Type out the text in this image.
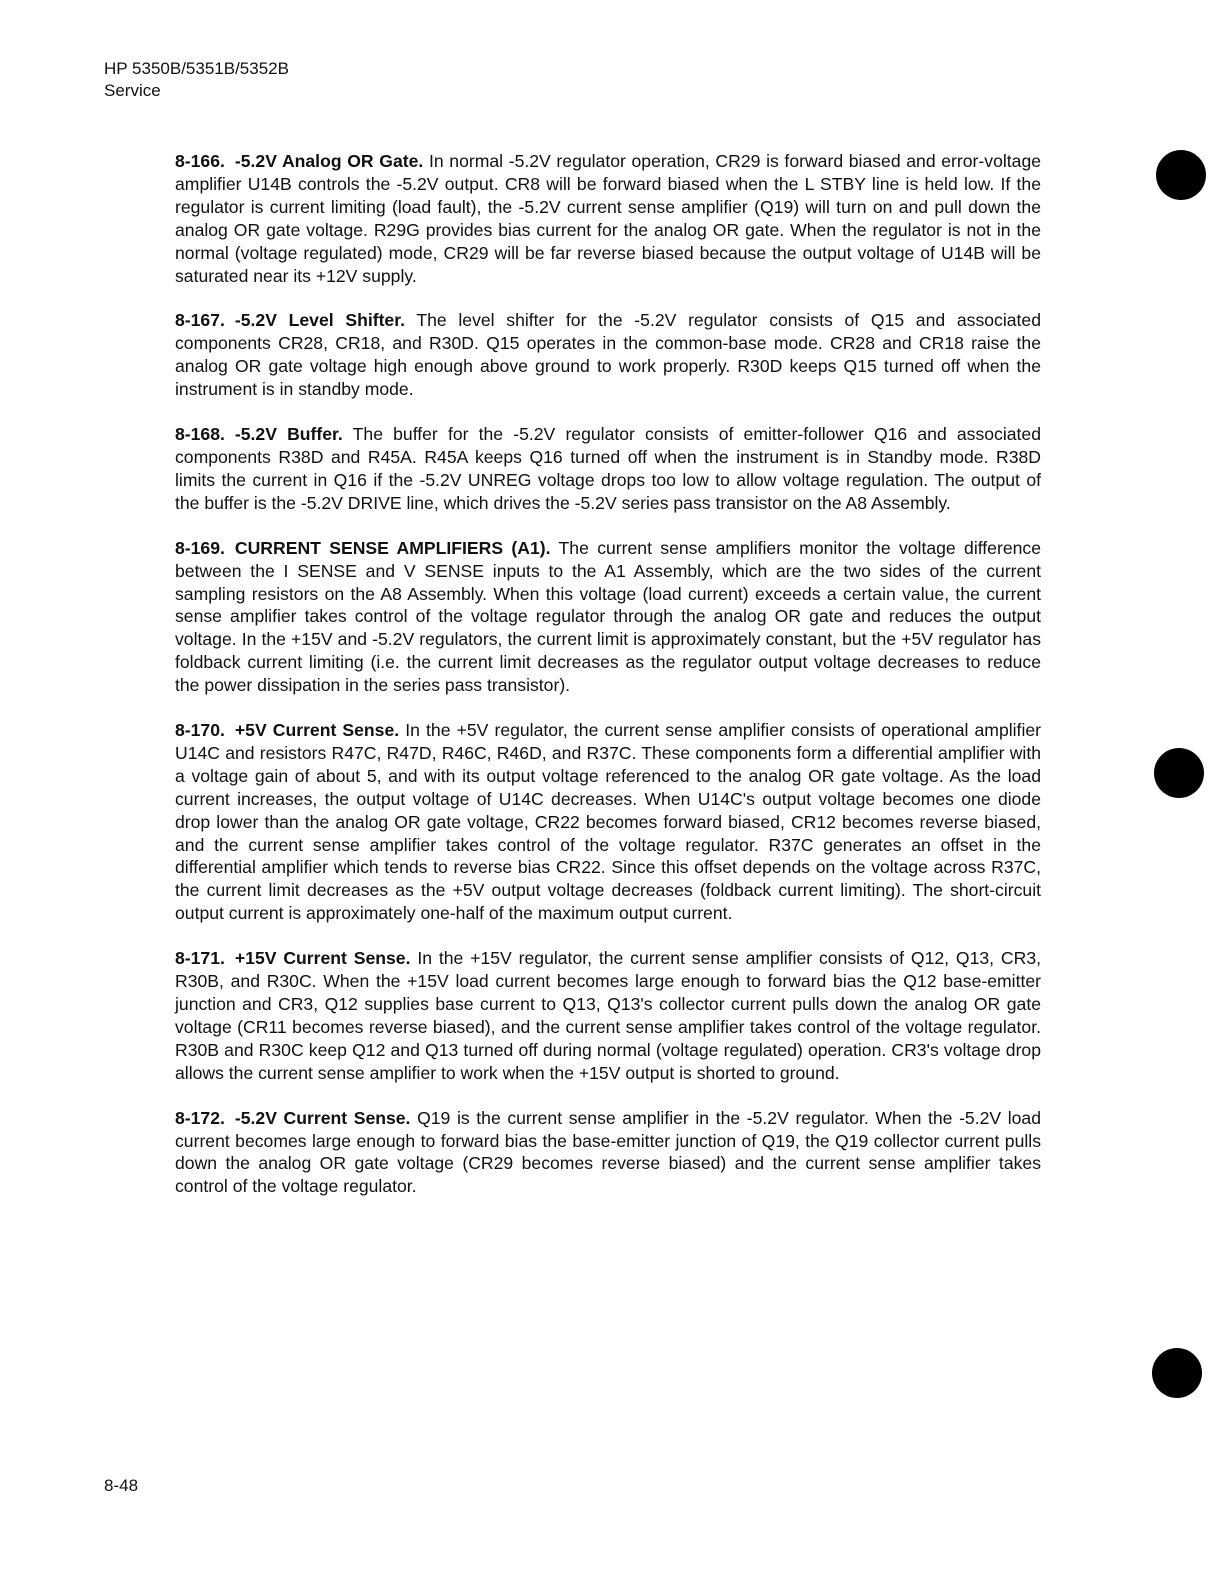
HP 5350B/5351B/5352B
Service

8-166. -5.2V Analog OR Gate. In normal -5.2V regulator operation, CR29 is forward biased and error-voltage amplifier U14B controls the -5.2V output. CR8 will be forward biased when the L STBY line is held low. If the regulator is current limiting (load fault), the -5.2V current sense amplifier (Q19) will turn on and pull down the analog OR gate voltage. R29G provides bias current for the analog OR gate. When the regulator is not in the normal (voltage regulated) mode, CR29 will be far reverse biased because the output voltage of U14B will be saturated near its +12V supply.

8-167. -5.2V Level Shifter. The level shifter for the -5.2V regulator consists of Q15 and associated components CR28, CR18, and R30D. Q15 operates in the common-base mode. CR28 and CR18 raise the analog OR gate voltage high enough above ground to work properly. R30D keeps Q15 turned off when the instrument is in standby mode.

8-168. -5.2V Buffer. The buffer for the -5.2V regulator consists of emitter-follower Q16 and associated components R38D and R45A. R45A keeps Q16 turned off when the instrument is in Standby mode. R38D limits the current in Q16 if the -5.2V UNREG voltage drops too low to allow voltage regulation. The output of the buffer is the -5.2V DRIVE line, which drives the -5.2V series pass transistor on the A8 Assembly.

8-169. CURRENT SENSE AMPLIFIERS (A1). The current sense amplifiers monitor the voltage difference between the I SENSE and V SENSE inputs to the A1 Assembly, which are the two sides of the current sampling resistors on the A8 Assembly. When this voltage (load current) exceeds a certain value, the current sense amplifier takes control of the voltage regulator through the analog OR gate and reduces the output voltage. In the +15V and -5.2V regulators, the current limit is approximately constant, but the +5V regulator has foldback current limiting (i.e. the current limit decreases as the regulator output voltage decreases to reduce the power dissipation in the series pass transistor).

8-170. +5V Current Sense. In the +5V regulator, the current sense amplifier consists of operational amplifier U14C and resistors R47C, R47D, R46C, R46D, and R37C. These components form a differential amplifier with a voltage gain of about 5, and with its output voltage referenced to the analog OR gate voltage. As the load current increases, the output voltage of U14C decreases. When U14C's output voltage becomes one diode drop lower than the analog OR gate voltage, CR22 becomes forward biased, CR12 becomes reverse biased, and the current sense amplifier takes control of the voltage regulator. R37C generates an offset in the differential amplifier which tends to reverse bias CR22. Since this offset depends on the voltage across R37C, the current limit decreases as the +5V output voltage decreases (foldback current limiting). The short-circuit output current is approximately one-half of the maximum output current.

8-171. +15V Current Sense. In the +15V regulator, the current sense amplifier consists of Q12, Q13, CR3, R30B, and R30C. When the +15V load current becomes large enough to forward bias the Q12 base-emitter junction and CR3, Q12 supplies base current to Q13, Q13's collector current pulls down the analog OR gate voltage (CR11 becomes reverse biased), and the current sense amplifier takes control of the voltage regulator. R30B and R30C keep Q12 and Q13 turned off during normal (voltage regulated) operation. CR3's voltage drop allows the current sense amplifier to work when the +15V output is shorted to ground.

8-172. -5.2V Current Sense. Q19 is the current sense amplifier in the -5.2V regulator. When the -5.2V load current becomes large enough to forward bias the base-emitter junction of Q19, the Q19 collector current pulls down the analog OR gate voltage (CR29 becomes reverse biased) and the current sense amplifier takes control of the voltage regulator.

8-48
